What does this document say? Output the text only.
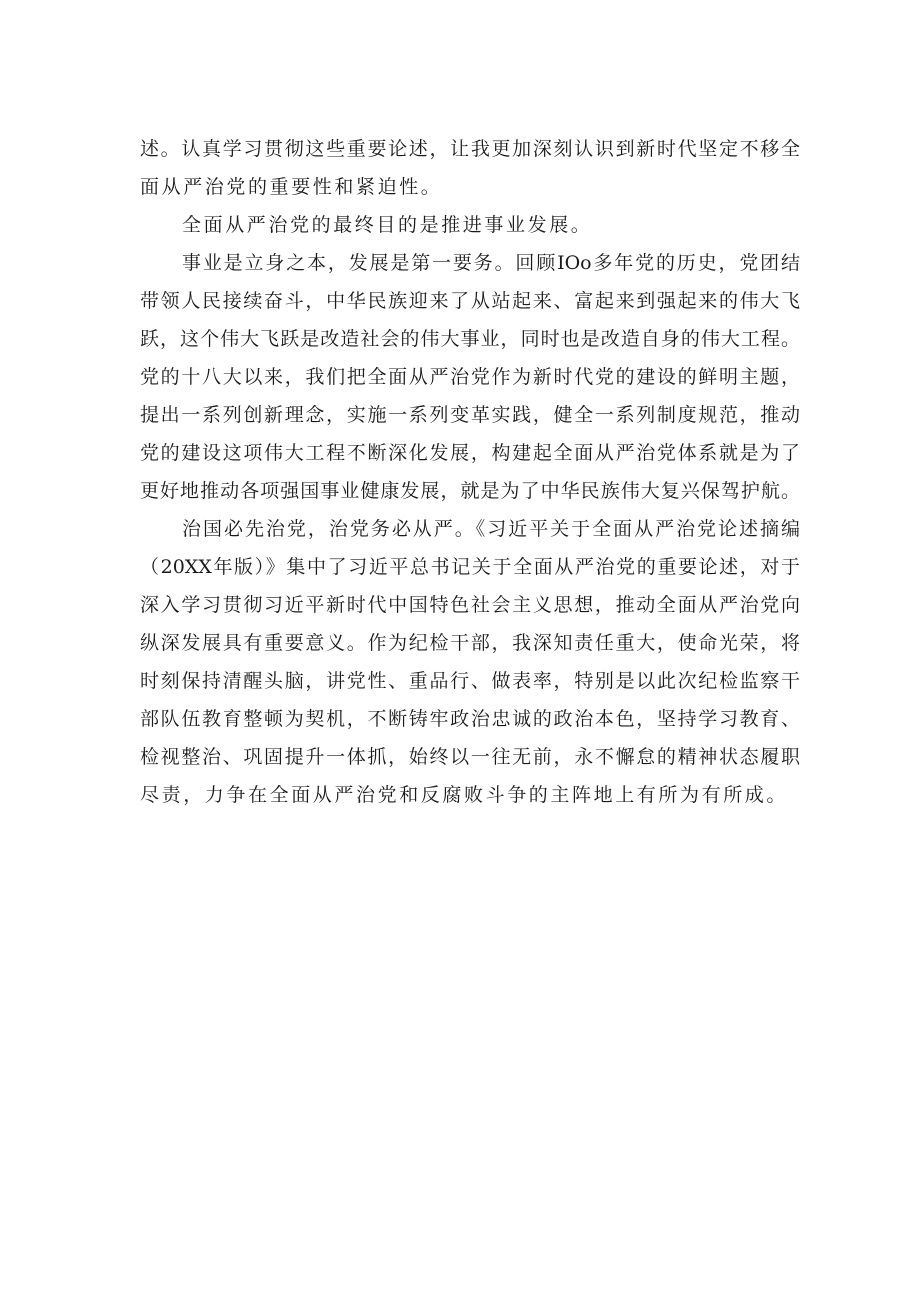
述。认真学习贯彻这些重要论述，让我更加深刻认识到新时代坚定不移全
面从严治党的重要性和紧迫性。
全面从严治党的最终目的是推进事业发展。
事业是立身之本，发展是第一要务。回顾IOo多年党的历史，党团结
带领人民接续奋斗，中华民族迎来了从站起来、富起来到强起来的伟大飞
跃，这个伟大飞跃是改造社会的伟大事业，同时也是改造自身的伟大工程。
党的十八大以来，我们把全面从严治党作为新时代党的建设的鲜明主题，
提出一系列创新理念，实施一系列变革实践，健全一系列制度规范，推动
党的建设这项伟大工程不断深化发展，构建起全面从严治党体系就是为了
更好地推动各项强国事业健康发展，就是为了中华民族伟大复兴保驾护航。
治国必先治党，治党务必从严。《习近平关于全面从严治党论述摘编
（20XX年版）》集中了习近平总书记关于全面从严治党的重要论述，对于
深入学习贯彻习近平新时代中国特色社会主义思想，推动全面从严治党向
纵深发展具有重要意义。作为纪检干部，我深知责任重大，使命光荣，将
时刻保持清醒头脑，讲党性、重品行、做表率，特别是以此次纪检监察干
部队伍教育整顿为契机，不断铸牢政治忠诚的政治本色，坚持学习教育、
检视整治、巩固提升一体抓，始终以一往无前，永不懈怠的精神状态履职
尽责，力争在全面从严治党和反腐败斗争的主阵地上有所为有所成。
